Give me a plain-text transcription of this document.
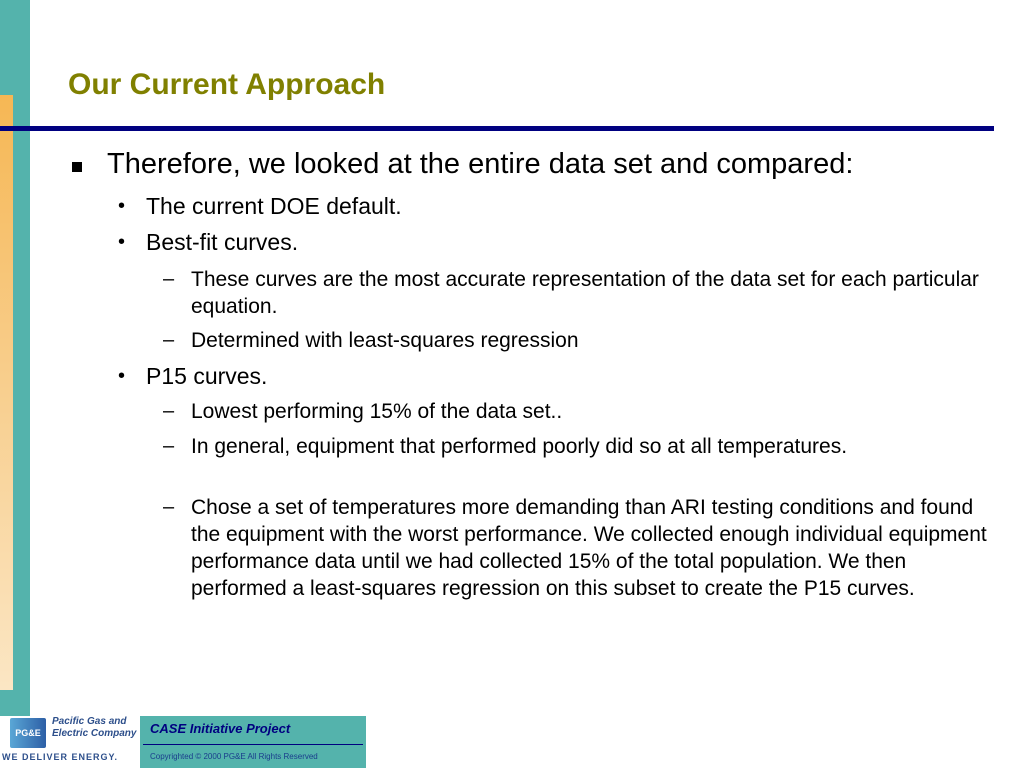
Our Current Approach
Therefore, we looked at the entire data set and compared:
• The current DOE default.
• Best-fit curves.
– These curves are the most accurate representation of the data set for each particular equation.
– Determined with least-squares regression
• P15 curves.
– Lowest performing 15% of the data set..
– In general, equipment that performed poorly did so at all temperatures.
– Chose a set of temperatures more demanding than ARI testing conditions and found the equipment with the worst performance. We collected enough individual equipment performance data until we had collected 15% of the total population. We then performed a least-squares regression on this subset to create the P15 curves.
PG&E
Pacific Gas and Electric Company
WE DELIVER ENERGY.
CASE Initiative Project
Copyrighted © 2000 PG&E All Rights Reserved
